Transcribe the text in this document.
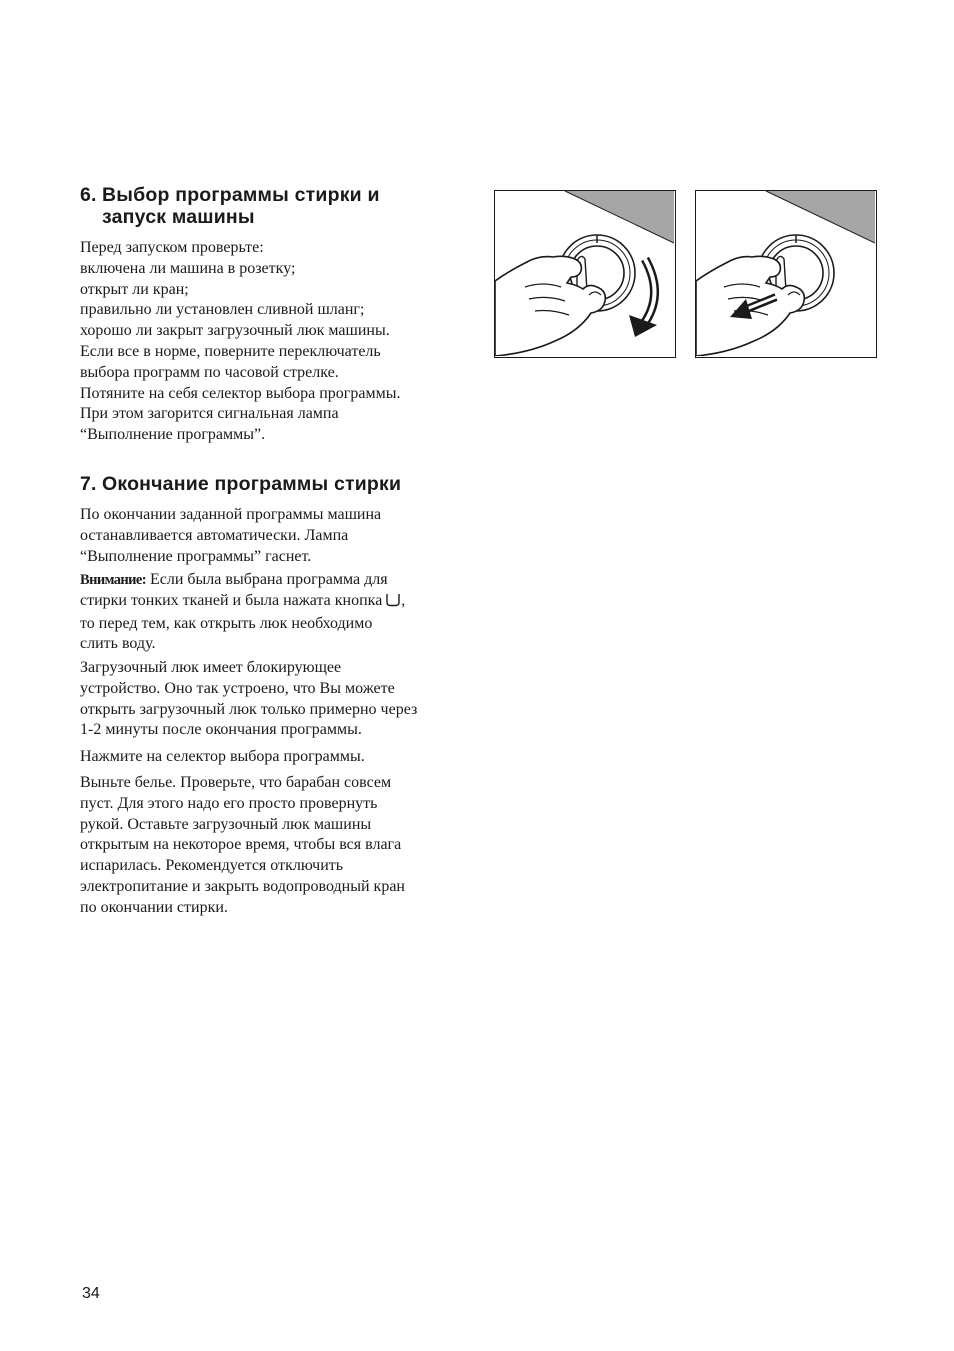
6. Выбор программы стирки и
запуск машины

Перед запуском проверьте:
включена ли машина в розетку;
открыт ли кран;
правильно ли установлен сливной шланг;
хорошо ли закрыт загрузочный люк машины.
Если все в норме, поверните переключатель
выбора программ по часовой стрелке.
Потяните на себя селектор выбора программы.
При этом загорится сигнальная лампа
“Выполнение программы”.

7. Окончание программы стирки

По окончании заданной программы машина
останавливается автоматически. Лампа
“Выполнение программы” гаснет.

Внимание: Если была выбрана программа для
стирки тонких тканей и была нажата кнопка ,
то перед тем, как открыть люк необходимо
слить воду.

Загрузочный люк имеет блокирующее
устройство. Оно так устроено, что Вы можете
открыть загрузочный люк только примерно через
1-2 минуты после окончания программы.

Нажмите на селектор выбора программы.

Выньте белье. Проверьте, что барабан совсем
пуст. Для этого надо его просто провернуть
рукой. Оставьте загрузочный люк машины
открытым на некоторое время, чтобы вся влага
испарилась. Рекомендуется отключить
электропитание и закрыть водопроводный кран
по окончании стирки.

34
